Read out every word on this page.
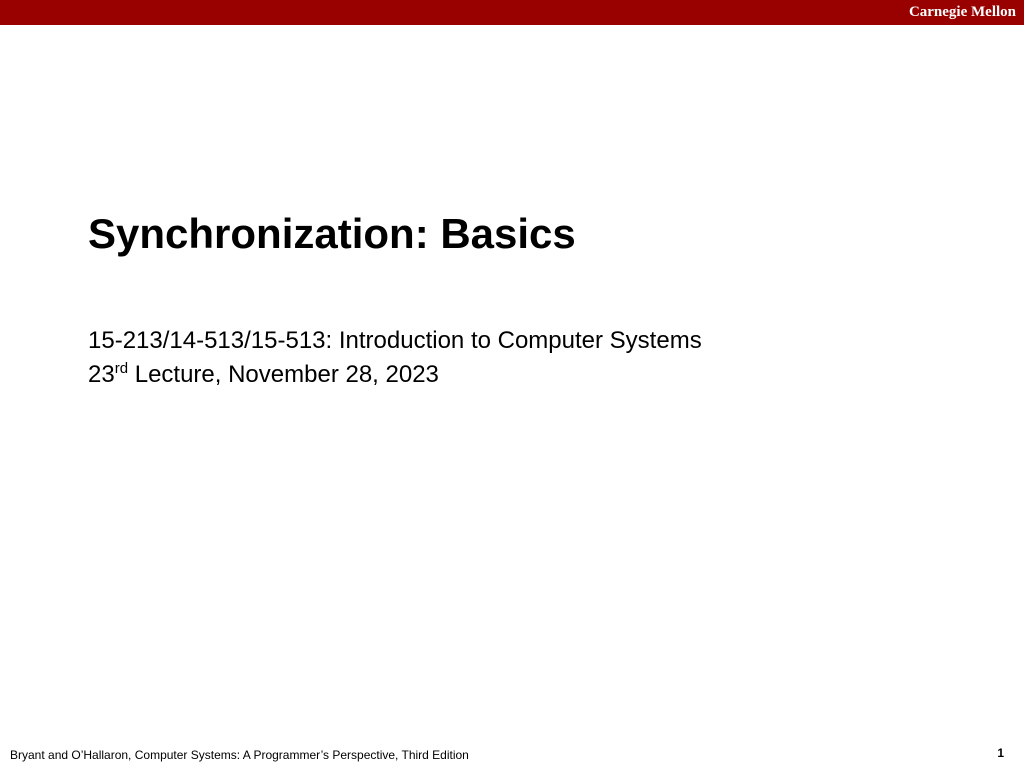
Carnegie Mellon
Synchronization: Basics
15-213/14-513/15-513: Introduction to Computer Systems
23rd Lecture, November 28, 2023
Bryant and O’Hallaron, Computer Systems: A Programmer’s Perspective, Third Edition	1
